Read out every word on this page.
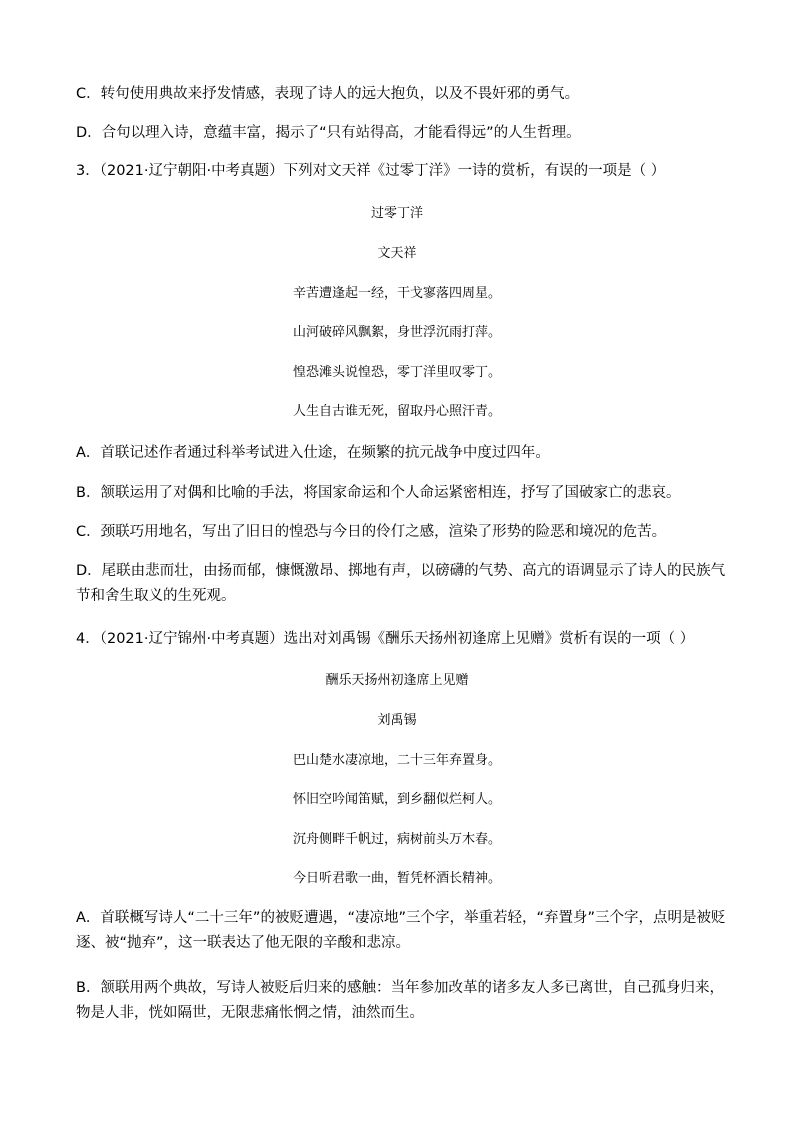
C．转句使用典故来抒发情感，表现了诗人的远大抱负，以及不畏奸邪的勇气。
D．合句以理入诗，意蕴丰富，揭示了“只有站得高，才能看得远”的人生哲理。
3．（2021·辽宁朝阳·中考真题）下列对文天祥《过零丁洋》一诗的赏析，有误的一项是（ ）
过零丁洋
文天祥
辛苦遭逢起一经，干戈寥落四周星。
山河破碎风飘絮，身世浮沉雨打萍。
惶恐滩头说惶恐，零丁洋里叹零丁。
人生自古谁无死，留取丹心照汗青。
A．首联记述作者通过科举考试进入仕途，在频繁的抗元战争中度过四年。
B．颔联运用了对偶和比喻的手法，将国家命运和个人命运紧密相连，抒写了国破家亡的悲哀。
C．颈联巧用地名，写出了旧日的惶恐与今日的伶仃之感，渲染了形势的险恶和境况的危苦。
D．尾联由悲而壮，由扬而郁，慷慨激昂、掷地有声，以磅礴的气势、高亢的语调显示了诗人的民族气节和舍生取义的生死观。
4．（2021·辽宁锦州·中考真题）选出对刘禹锡《酬乐天扬州初逢席上见赠》赏析有误的一项（ ）
酬乐天扬州初逢席上见赠
刘禹锡
巴山楚水凄凉地，二十三年弃置身。
怀旧空吟闻笛赋，到乡翻似烂柯人。
沉舟侧畔千帆过，病树前头万木春。
今日听君歌一曲，暂凭杯酒长精神。
A．首联概写诗人“二十三年”的被贬遭遇，“凄凉地”三个字，举重若轻，“弃置身”三个字，点明是被贬逐、被“抛弃”，这一联表达了他无限的辛酸和悲凉。
B．颔联用两个典故，写诗人被贬后归来的感触：当年参加改革的诸多友人多已离世，自己孤身归来，物是人非，恍如隔世，无限悲痛怅惘之情，油然而生。
